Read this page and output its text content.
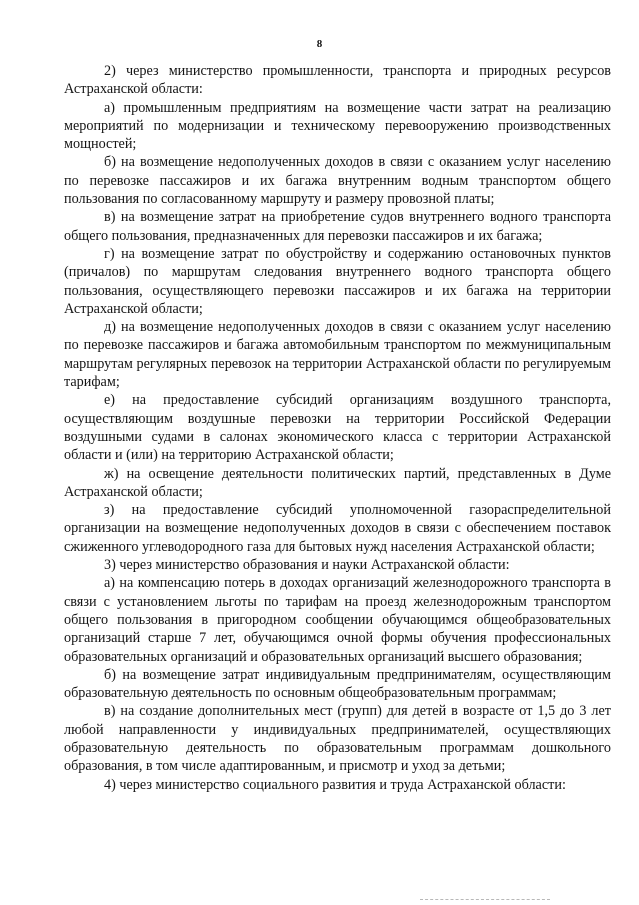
8

2) через министерство промышленности, транспорта и природных ресурсов Астраханской области:

а) промышленным предприятиям на возмещение части затрат на реализацию мероприятий по модернизации и техническому перевооружению производственных мощностей;

б) на возмещение недополученных доходов в связи с оказанием услуг населению по перевозке пассажиров и их багажа внутренним водным транспортом общего пользования по согласованному маршруту и размеру провозной платы;

в) на возмещение затрат на приобретение судов внутреннего водного транспорта общего пользования, предназначенных для перевозки пассажиров и их багажа;

г) на возмещение затрат по обустройству и содержанию остановочных пунктов (причалов) по маршрутам следования внутреннего водного транспорта общего пользования, осуществляющего перевозки пассажиров и их багажа на территории Астраханской области;

д) на возмещение недополученных доходов в связи с оказанием услуг населению по перевозке пассажиров и багажа автомобильным транспортом по межмуниципальным маршрутам регулярных перевозок на территории Астраханской области по регулируемым тарифам;

е) на предоставление субсидий организациям воздушного транспорта, осуществляющим воздушные перевозки на территории Российской Федерации воздушными судами в салонах экономического класса с территории Астраханской области и (или) на территорию Астраханской области;

ж) на освещение деятельности политических партий, представленных в Думе Астраханской области;

з) на предоставление субсидий уполномоченной газораспределительной организации на возмещение недополученных доходов в связи с обеспечением поставок сжиженного углеводородного газа для бытовых нужд населения Астраханской области;

3) через министерство образования и науки Астраханской области:

а) на компенсацию потерь в доходах организаций железнодорожного транспорта в связи с установлением льготы по тарифам на проезд железнодорожным транспортом общего пользования в пригородном сообщении обучающимся общеобразовательных организаций старше 7 лет, обучающимся очной формы обучения профессиональных образовательных организаций и образовательных организаций высшего образования;

б) на возмещение затрат индивидуальным предпринимателям, осуществляющим образовательную деятельность по основным общеобразовательным программам;

в) на создание дополнительных мест (групп) для детей в возрасте от 1,5 до 3 лет любой направленности у индивидуальных предпринимателей, осуществляющих образовательную деятельность по образовательным программам дошкольного образования, в том числе адаптированным, и присмотр и уход за детьми;

4) через министерство социального развития и труда Астраханской области:
